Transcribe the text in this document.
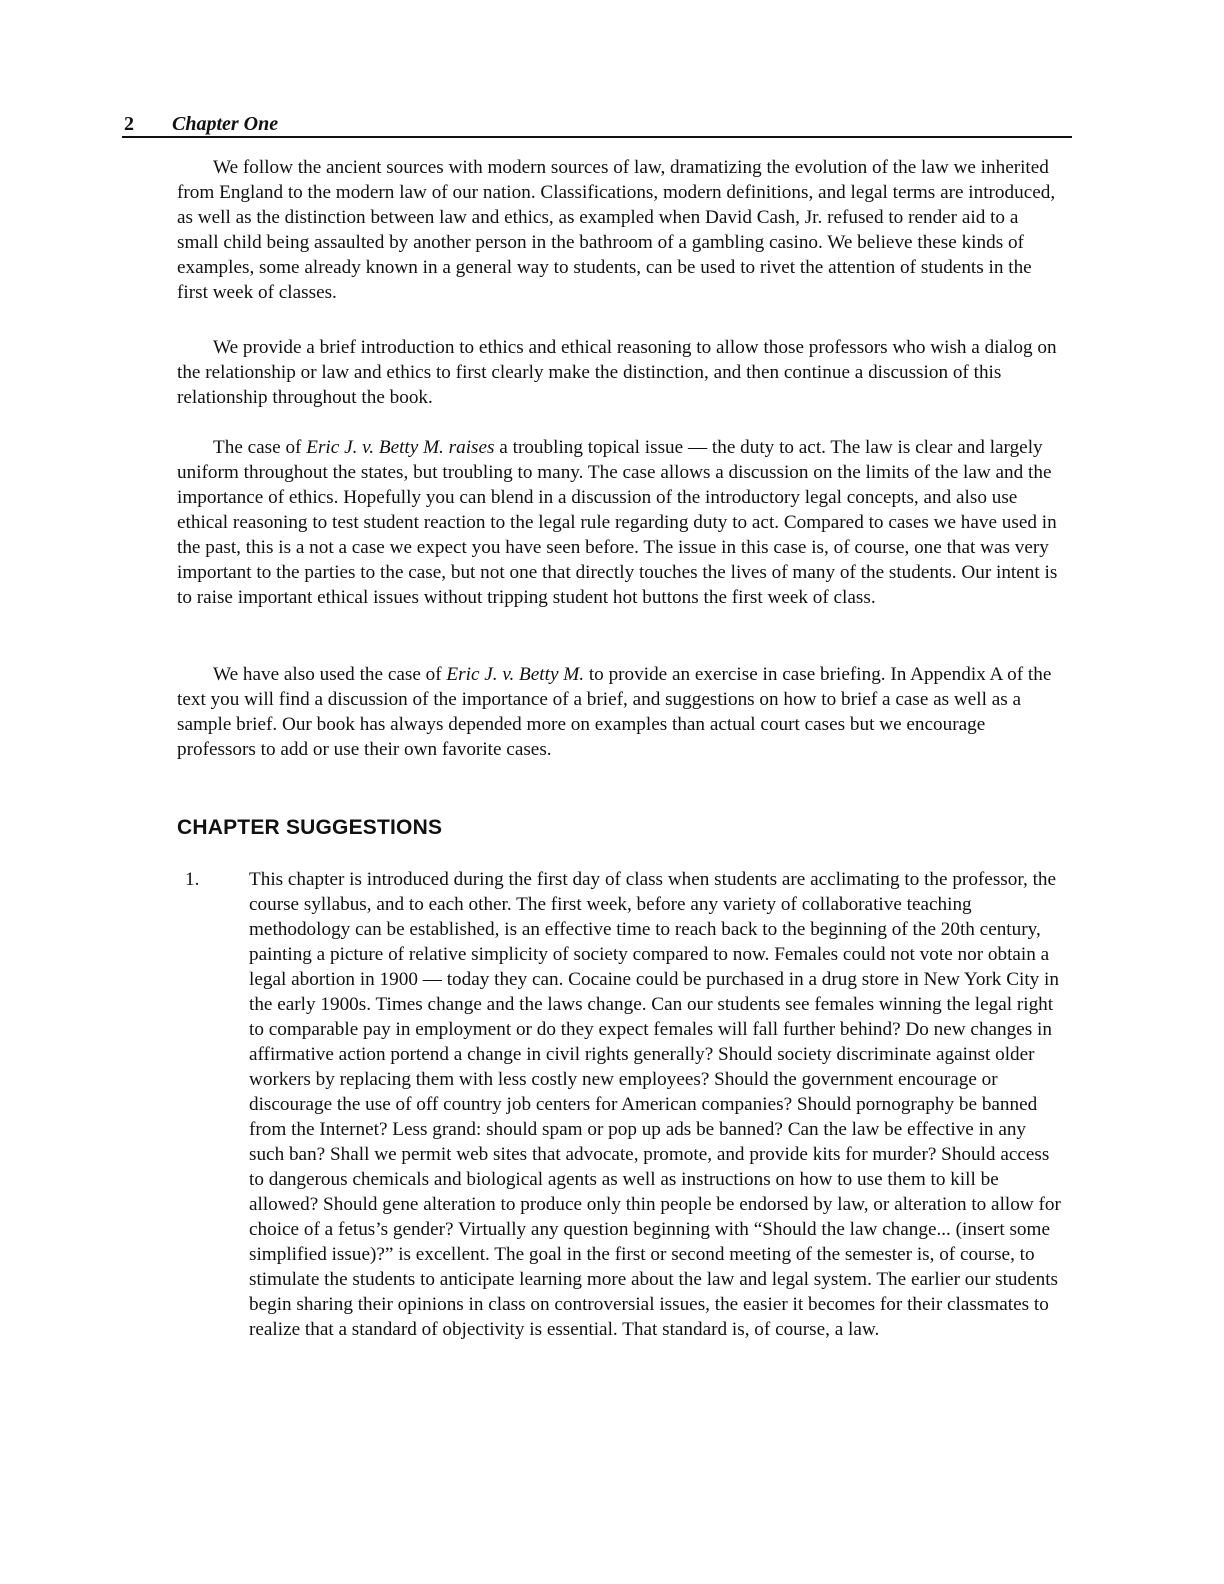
2 Chapter One

We follow the ancient sources with modern sources of law, dramatizing the evolution of the law we inherited from England to the modern law of our nation. Classifications, modern definitions, and legal terms are introduced, as well as the distinction between law and ethics, as exampled when David Cash, Jr. refused to render aid to a small child being assaulted by another person in the bathroom of a gambling casino. We believe these kinds of examples, some already known in a general way to students, can be used to rivet the attention of students in the first week of classes.

We provide a brief introduction to ethics and ethical reasoning to allow those professors who wish a dialog on the relationship or law and ethics to first clearly make the distinction, and then continue a discussion of this relationship throughout the book.

The case of Eric J. v. Betty M. raises a troubling topical issue — the duty to act. The law is clear and largely uniform throughout the states, but troubling to many. The case allows a discussion on the limits of the law and the importance of ethics. Hopefully you can blend in a discussion of the introductory legal concepts, and also use ethical reasoning to test student reaction to the legal rule regarding duty to act. Compared to cases we have used in the past, this is a not a case we expect you have seen before. The issue in this case is, of course, one that was very important to the parties to the case, but not one that directly touches the lives of many of the students. Our intent is to raise important ethical issues without tripping student hot buttons the first week of class.

We have also used the case of Eric J. v. Betty M. to provide an exercise in case briefing. In Appendix A of the text you will find a discussion of the importance of a brief, and suggestions on how to brief a case as well as a sample brief. Our book has always depended more on examples than actual court cases but we encourage professors to add or use their own favorite cases.

CHAPTER SUGGESTIONS
1.	This chapter is introduced during the first day of class when students are acclimating to the professor, the course syllabus, and to each other. The first week, before any variety of collaborative teaching methodology can be established, is an effective time to reach back to the beginning of the 20th century, painting a picture of relative simplicity of society compared to now. Females could not vote nor obtain a legal abortion in 1900 — today they can. Cocaine could be purchased in a drug store in New York City in the early 1900s. Times change and the laws change. Can our students see females winning the legal right to comparable pay in employment or do they expect females will fall further behind? Do new changes in affirmative action portend a change in civil rights generally? Should society discriminate against older workers by replacing them with less costly new employees? Should the government encourage or discourage the use of off country job centers for American companies? Should pornography be banned from the Internet? Less grand: should spam or pop up ads be banned? Can the law be effective in any such ban? Shall we permit web sites that advocate, promote, and provide kits for murder? Should access to dangerous chemicals and biological agents as well as instructions on how to use them to kill be allowed? Should gene alteration to produce only thin people be endorsed by law, or alteration to allow for choice of a fetus’s gender? Virtually any question beginning with “Should the law change... (insert some simplified issue)?” is excellent. The goal in the first or second meeting of the semester is, of course, to stimulate the students to anticipate learning more about the law and legal system. The earlier our students begin sharing their opinions in class on controversial issues, the easier it becomes for their classmates to realize that a standard of objectivity is essential. That standard is, of course, a law.
